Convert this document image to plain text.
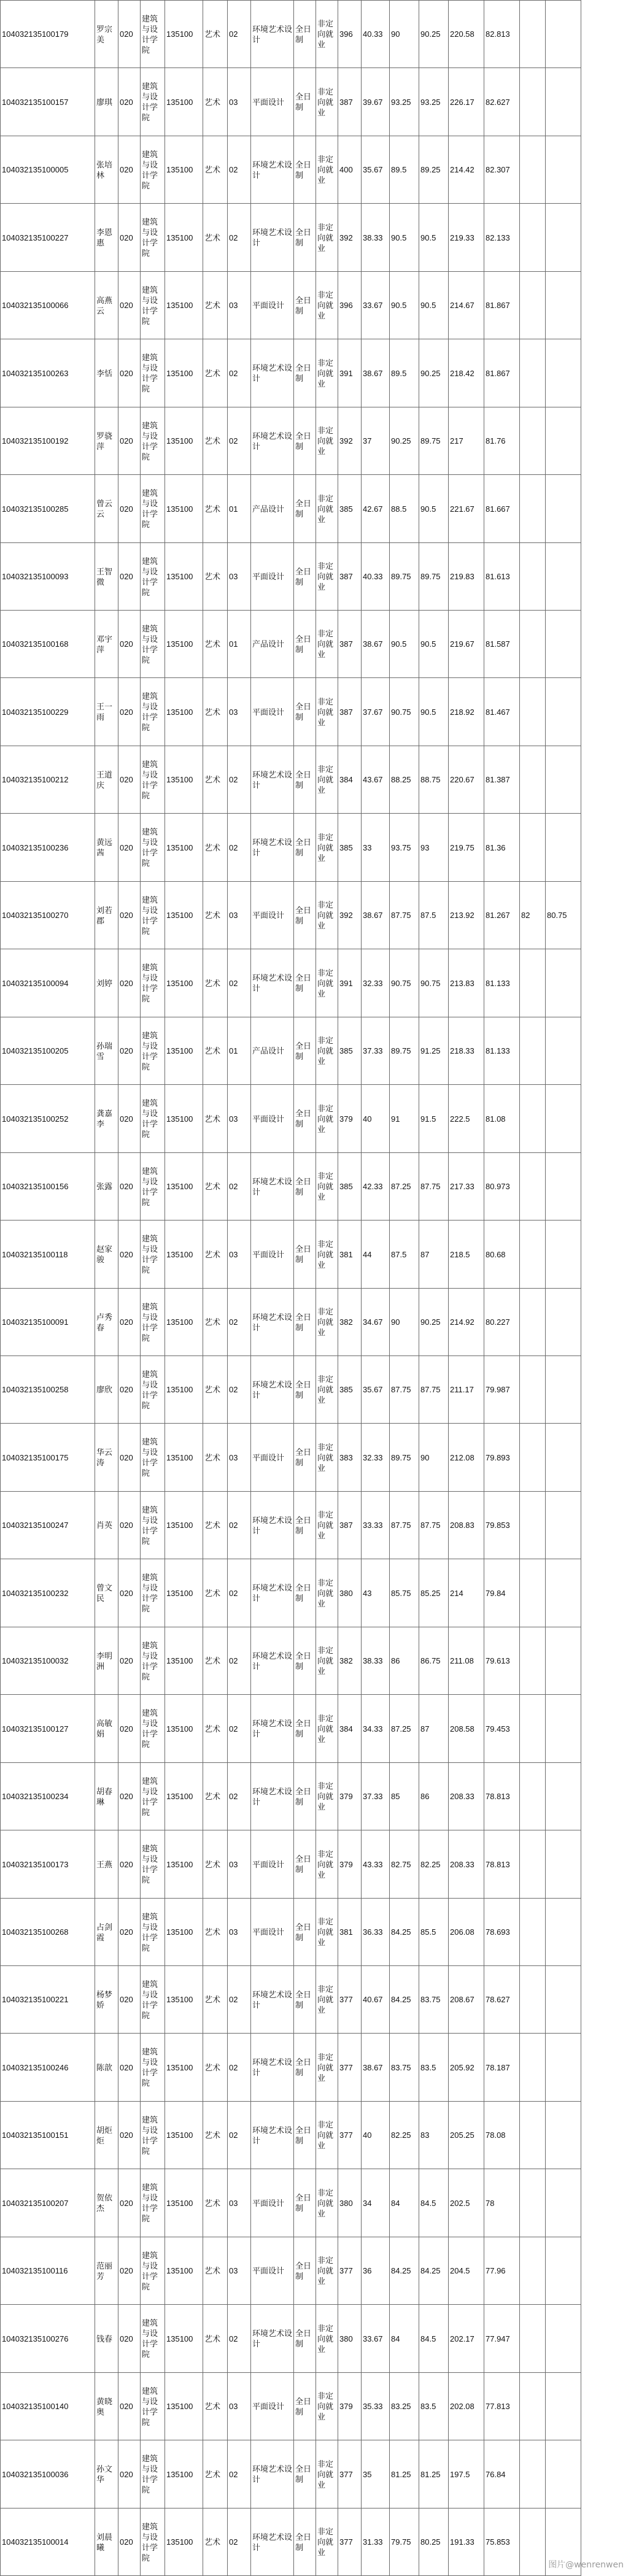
104032135100179	罗宗美	020	建筑与设计学院	135100	艺术	02	环境艺术设计	全日制	非定向就业	396	40.33	90	90.25	220.58	82.813		
104032135100157	廖琪	020	建筑与设计学院	135100	艺术	03	平面设计	全日制	非定向就业	387	39.67	93.25	93.25	226.17	82.627		
104032135100005	张培林	020	建筑与设计学院	135100	艺术	02	环境艺术设计	全日制	非定向就业	400	35.67	89.5	89.25	214.42	82.307		
104032135100227	李恩惠	020	建筑与设计学院	135100	艺术	02	环境艺术设计	全日制	非定向就业	392	38.33	90.5	90.5	219.33	82.133		
104032135100066	高燕云	020	建筑与设计学院	135100	艺术	03	平面设计	全日制	非定向就业	396	33.67	90.5	90.5	214.67	81.867		
104032135100263	李恬	020	建筑与设计学院	135100	艺术	02	环境艺术设计	全日制	非定向就业	391	38.67	89.5	90.25	218.42	81.867		
104032135100192	罗骁萍	020	建筑与设计学院	135100	艺术	02	环境艺术设计	全日制	非定向就业	392	37	90.25	89.75	217	81.76		
104032135100285	曾云云	020	建筑与设计学院	135100	艺术	01	产品设计	全日制	非定向就业	385	42.67	88.5	90.5	221.67	81.667		
104032135100093	王智微	020	建筑与设计学院	135100	艺术	03	平面设计	全日制	非定向就业	387	40.33	89.75	89.75	219.83	81.613		
104032135100168	邓宇萍	020	建筑与设计学院	135100	艺术	01	产品设计	全日制	非定向就业	387	38.67	90.5	90.5	219.67	81.587		
104032135100229	王一雨	020	建筑与设计学院	135100	艺术	03	平面设计	全日制	非定向就业	387	37.67	90.75	90.5	218.92	81.467		
104032135100212	王道庆	020	建筑与设计学院	135100	艺术	02	环境艺术设计	全日制	非定向就业	384	43.67	88.25	88.75	220.67	81.387		
104032135100236	黄远茜	020	建筑与设计学院	135100	艺术	02	环境艺术设计	全日制	非定向就业	385	33	93.75	93	219.75	81.36		
104032135100270	刘若郡	020	建筑与设计学院	135100	艺术	03	平面设计	全日制	非定向就业	392	38.67	87.75	87.5	213.92	81.267	82	80.75
104032135100094	刘婷	020	建筑与设计学院	135100	艺术	02	环境艺术设计	全日制	非定向就业	391	32.33	90.75	90.75	213.83	81.133		
104032135100205	孙瑞雪	020	建筑与设计学院	135100	艺术	01	产品设计	全日制	非定向就业	385	37.33	89.75	91.25	218.33	81.133		
104032135100252	龚嘉李	020	建筑与设计学院	135100	艺术	03	平面设计	全日制	非定向就业	379	40	91	91.5	222.5	81.08		
104032135100156	张露	020	建筑与设计学院	135100	艺术	02	环境艺术设计	全日制	非定向就业	385	42.33	87.25	87.75	217.33	80.973		
104032135100118	赵家骏	020	建筑与设计学院	135100	艺术	03	平面设计	全日制	非定向就业	381	44	87.5	87	218.5	80.68		
104032135100091	卢秀春	020	建筑与设计学院	135100	艺术	02	环境艺术设计	全日制	非定向就业	382	34.67	90	90.25	214.92	80.227		
104032135100258	廖欣	020	建筑与设计学院	135100	艺术	02	环境艺术设计	全日制	非定向就业	385	35.67	87.75	87.75	211.17	79.987		
104032135100175	华云涛	020	建筑与设计学院	135100	艺术	03	平面设计	全日制	非定向就业	383	32.33	89.75	90	212.08	79.893		
104032135100247	肖英	020	建筑与设计学院	135100	艺术	02	环境艺术设计	全日制	非定向就业	387	33.33	87.75	87.75	208.83	79.853		
104032135100232	曾文民	020	建筑与设计学院	135100	艺术	02	环境艺术设计	全日制	非定向就业	380	43	85.75	85.25	214	79.84		
104032135100032	李明洲	020	建筑与设计学院	135100	艺术	02	环境艺术设计	全日制	非定向就业	382	38.33	86	86.75	211.08	79.613		
104032135100127	高敏娟	020	建筑与设计学院	135100	艺术	02	环境艺术设计	全日制	非定向就业	384	34.33	87.25	87	208.58	79.453		
104032135100234	胡春琳	020	建筑与设计学院	135100	艺术	02	环境艺术设计	全日制	非定向就业	379	37.33	85	86	208.33	78.813		
104032135100173	王燕	020	建筑与设计学院	135100	艺术	03	平面设计	全日制	非定向就业	379	43.33	82.75	82.25	208.33	78.813		
104032135100268	占剑霞	020	建筑与设计学院	135100	艺术	03	平面设计	全日制	非定向就业	381	36.33	84.25	85.5	206.08	78.693		
104032135100221	杨梦娇	020	建筑与设计学院	135100	艺术	02	环境艺术设计	全日制	非定向就业	377	40.67	84.25	83.75	208.67	78.627		
104032135100246	陈歆	020	建筑与设计学院	135100	艺术	02	环境艺术设计	全日制	非定向就业	377	38.67	83.75	83.5	205.92	78.187		
104032135100151	胡炬炬	020	建筑与设计学院	135100	艺术	02	环境艺术设计	全日制	非定向就业	377	40	82.25	83	205.25	78.08		
104032135100207	贺依杰	020	建筑与设计学院	135100	艺术	03	平面设计	全日制	非定向就业	380	34	84	84.5	202.5	78		
104032135100116	范丽芳	020	建筑与设计学院	135100	艺术	03	平面设计	全日制	非定向就业	377	36	84.25	84.25	204.5	77.96		
104032135100276	钱春	020	建筑与设计学院	135100	艺术	02	环境艺术设计	全日制	非定向就业	380	33.67	84	84.5	202.17	77.947		
104032135100140	黄晓奥	020	建筑与设计学院	135100	艺术	03	平面设计	全日制	非定向就业	379	35.33	83.25	83.5	202.08	77.813		
104032135100036	孙文华	020	建筑与设计学院	135100	艺术	02	环境艺术设计	全日制	非定向就业	377	35	81.25	81.25	197.5	76.84		
104032135100014	刘晨曦	020	建筑与设计学院	135100	艺术	02	环境艺术设计	全日制	非定向就业	377	31.33	79.75	80.25	191.33	75.853		
图片@wenrenwen
